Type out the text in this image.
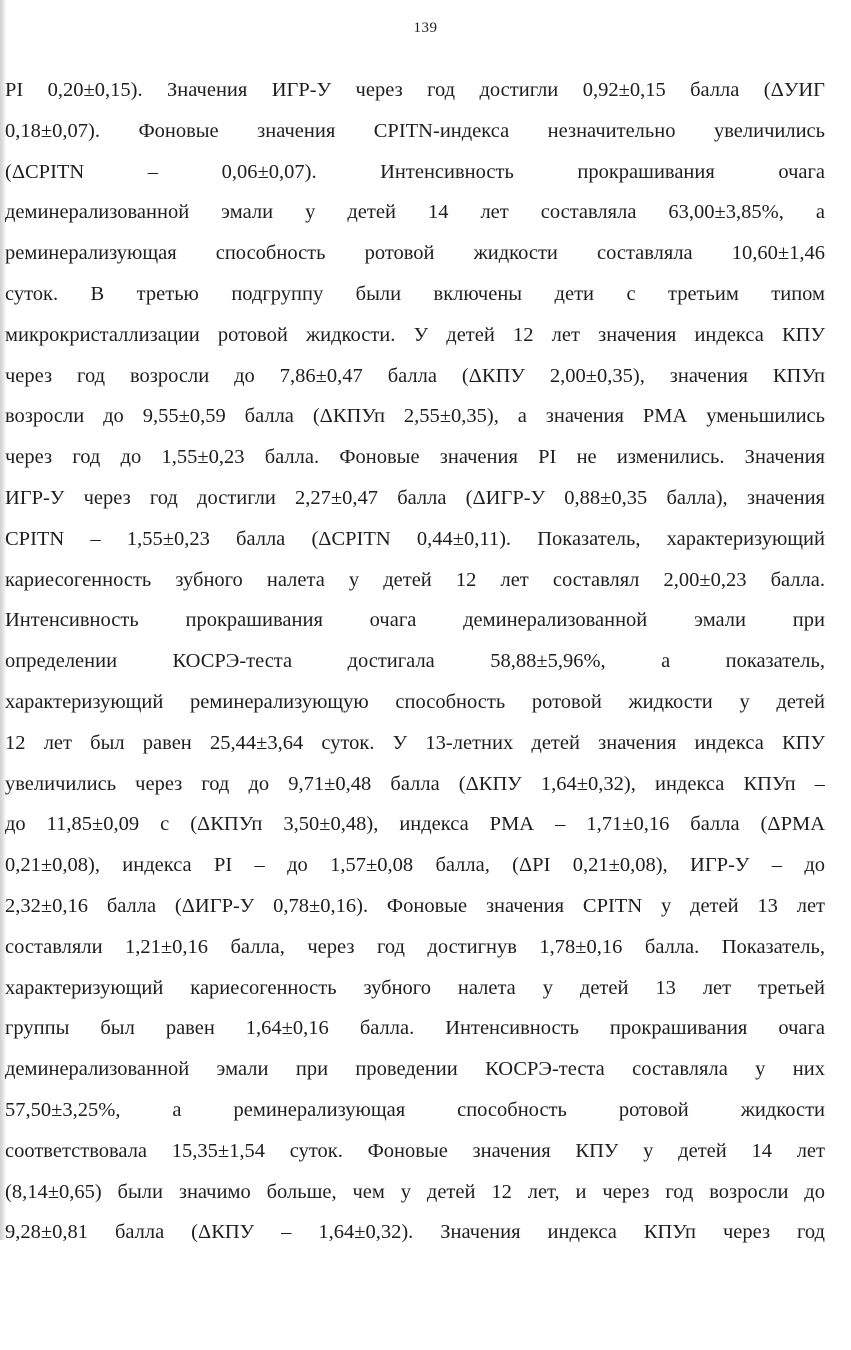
139
PI 0,20±0,15). Значения ИГР-У через год достигли 0,92±0,15 балла (ΔУИГ
0,18±0,07). Фоновые значения CPITN-индекса незначительно увеличились
(ΔCPITN – 0,06±0,07). Интенсивность прокрашивания очага
деминерализованной эмали у детей 14 лет составляла 63,00±3,85%, а
реминерализующая способность ротовой жидкости составляла 10,60±1,46
суток. В третью подгруппу были включены дети с третьим типом
микрокристаллизации ротовой жидкости. У детей 12 лет значения индекса КПУ
через год возросли до 7,86±0,47 балла (ΔКПУ 2,00±0,35), значения КПУп
возросли до 9,55±0,59 балла (ΔКПУп 2,55±0,35), а значения РМА уменьшились
через год до 1,55±0,23 балла. Фоновые значения PI не изменились. Значения
ИГР-У через год достигли 2,27±0,47 балла (ΔИГР-У 0,88±0,35 балла), значения
CPITN – 1,55±0,23 балла (ΔCPITN 0,44±0,11). Показатель, характеризующий
кариесогенность зубного налета у детей 12 лет составлял 2,00±0,23 балла.
Интенсивность прокрашивания очага деминерализованной эмали при
определении КОСРЭ-теста достигала 58,88±5,96%, а показатель,
характеризующий реминерализующую способность ротовой жидкости у детей
12 лет был равен 25,44±3,64 суток. У 13-летних детей значения индекса КПУ
увеличились через год до 9,71±0,48 балла (ΔКПУ 1,64±0,32), индекса КПУп –
до 11,85±0,09 с (ΔКПУп 3,50±0,48), индекса РМА – 1,71±0,16 балла (ΔРМА
0,21±0,08), индекса PI – до 1,57±0,08 балла, (ΔPI 0,21±0,08), ИГР-У – до
2,32±0,16 балла (ΔИГР-У 0,78±0,16). Фоновые значения CPITN у детей 13 лет
составляли 1,21±0,16 балла, через год достигнув 1,78±0,16 балла. Показатель,
характеризующий кариесогенность зубного налета у детей 13 лет третьей
группы был равен 1,64±0,16 балла. Интенсивность прокрашивания очага
деминерализованной эмали при проведении КОСРЭ-теста составляла у них
57,50±3,25%, а реминерализующая способность ротовой жидкости
соответствовала 15,35±1,54 суток. Фоновые значения КПУ у детей 14 лет
(8,14±0,65) были значимо больше, чем у детей 12 лет, и через год возросли до
9,28±0,81 балла (ΔКПУ – 1,64±0,32). Значения индекса КПУп через год
